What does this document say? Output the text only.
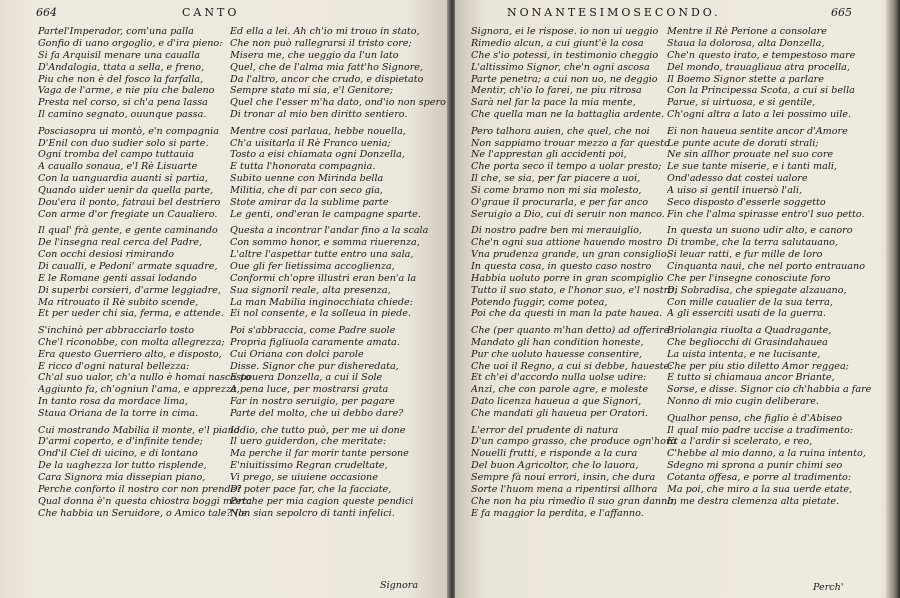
664	CANTO
Partel'Imperador, com'una palla
Gonfio di uano orgoglio, e d'ira pieno:
Si fa Arquisil menare una caualla
D'Andalogia, ttata a sella, e freno,
Piu che non è del fosco la farfalla,
Vaga de l'arme, e nie piu che baleno
Presta nel corso, si ch'a pena lassa
Il camino segnato, ouunque passa.
Posciasopra ui montò, e'n compagnia
D'Enil con duo sudier solo si parte.
Ogni tromba del campo tuttauia
A cauallo sonaua, e'l Rè Lisuarte
Con la uanguardia auanti si partia,
Quando uider uenir da quella parte,
Dou'era il ponto, fatraui bel destriero
Con arme d'or fregiate un Caualiero.
Il qual' frà gente, e gente caminando
De l'insegna real cerca del Padre,
Con occhi desiosi rimirando
Di caualli, e Pedoni' armate squadre,
E le Romane genti assai lodando
Di superbi corsieri, d'arme leggiadre,
Ma ritrouato il Rè subito scende,
Et per ueder chi sia, ferma, e attende.
S'inchinò per abbracciarlo tosto
Che'l riconobbe, con molta allegrezza;
Era questo Guerriero alto, e disposto,
E ricco d'ogni natural bellezza:
Ch'al suo ualor, ch'a nullo è homai nascosto
Aggiunto fa, ch'ogniun l'ama, e apprezza,
In tanto rosa da mordace lima,
Staua Oriana de la torre in cima.
Cui mostrando Mabilia il monte, e'l piano
D'armi coperto, e d'infinite tende;
Ond'il Ciel di uicino, e di lontano
De la uaghezza lor tutto risplende,
Cara Signora mia dissepian piano,
Perche conforto il nostro cor non prende?
Qual donna è'n questa chiostra boggi morta
Che habbia un Seruidore, o Amico tale? (le
Ed ella a lei. Ah ch'io mi trouo in stato,
Che non può rallegrarsi il tristo core;
Misera me, che ueggio da l'un lato
Quel, che de l'alma mia fatt'ho Signore,
Da l'altro, ancor che crudo, e dispietato
Sempre stato mi sia, e'l Genitore;
Quel che l'esser m'ha dato, ond'io non spero
Di tronar al mio ben diritto sentiero.
Mentre cosi parlaua, hebbe nouella,
Ch'a uisitarla il Rè Franco uenia;
Tosto a eisi chiamata ogni Donzella,
E tutta l'honorata compagnia.
Subito uenne con Mirinda bella
Militia, che di par con seco gia,
Stote amirar da la sublime parte
Le genti, ond'eran le campagne sparte.
Questa a incontrar l'andar fino a la scala
Con sommo honor, e somma riuerenza,
L'altre l'aspettar tutte entro una sala,
Oue gli fer lietissima accoglienza,
Conformi ch'opre illustri eran ben'a la
Sua signoril reale, alta presenza,
La man Mabilia inginocchiata chiede:
Ei nol consente, e la solleua in piede.
Poi s'abbraccia, come Padre suole
Propria figliuola caramente amata.
Cui Oriana con dolci parole
Disse. Signor che pur disheredata,
E pouera Donzella, a cui il Sole
A pena luce, per mostrarsi grata
Far in nostro seruigio, per pagare
Parte del molto, che ui debbo dare?
Iddio, che tutto può, per me ui done
Il uero guiderdon, che meritate:
Ma perche il far morir tante persone
E'niuitissimo Regran crudeltate,
Vi prego, se uiuiene occasione
Di poter pace far, che la facciate,
Perche per mia cagion queste pendici
Non sian sepolcro di tanti infelici.
Signora
NONANTESIMOSECONDO.	665
Signora, ei le rispose. io non ui ueggio
Rimedio alcun, a cui giunt'è la cosa
Che s'io potessi, in testimonio cheggio
L'altissimo Signor, che'n ogni ascosa
Parte penetra; a cui non uo, ne deggio
Mentir, ch'io lo farei, ne piu ritrosa
Sarà nel far la pace la mia mente,
Che quella man ne la battaglia ardente.
Pero talhora auien, che quel, che noi
Non sappiamo trouar mezzo a far questo
Ne l'apprestan gli accidenti poi,
Che porta seco il tempo a uolar presto;
Il che, se sia, per far piacere a uoi,
Si come bramo non mi sia molesto,
O'graue il procurarla, e per far anco
Seruigio a Dio, cui di seruir non manco.
Di nostro padre ben mi merauiglio,
Che'n ogni sua attione hauendo mostro
Vna prudenza grande, un gran consiglio,
In questa cosa, in questo caso nostro
Habbia uoluto porre in gran scompiglio
Tutto il suo stato, e l'honor suo, e'l nostro,
Potendo fuggir, come potea,
Poi che da questi in man la pate hauea.
Che (per quanto m'han detto) ad offerire
Mandato gli han condition honeste,
Pur che uoluto hauesse consentire,
Che uoi il Regno, a cui si debbe, haueste:
Et ch'ei d'accordo nulla uolse udire:
Anzi, che con parole agre, e moleste
Dato licenza haueua a que Signori,
Che mandati gli haueua per Oratori.
L'error del prudente di natura
D'un campo grasso, che produce ogn'hora
Nouelli frutti, e risponde a la cura
Del buon Agricoltor, che lo lauora,
Sempre fà noui errori, insin, che dura
Sorte l'huom mena a ripentirsi allhora
Che non ha piu rimedio il suo gran danno,
E fa maggior la perdita, e l'affanno.
Mentre il Rè Perione a consolare
Staua la dolorosa, alta Donzella,
Che'n questo irato, e tempestoso mare
Del mondo, trauagliaua atra procella,
Il Boemo Signor stette a parlare
Con la Principessa Scota, a cui si bella
Parue, si uirtuosa, e si gentile,
Ch'ogni altra a lato a lei possimo uile.
Ei non haueua sentite ancor d'Amore
Le punte acute de dorati strali;
Ne sin allhor prouate nel suo core
Le sue tante miserie, e i tanti mali,
Ond'adesso dat costei ualore
A uiso si gentil inuersò l'ali,
Seco disposto d'esserle soggetto
Fin che l'alma spirasse entro'l suo petto.
In questa un suono udir alto, e canoro
Di trombe, che la terra salutauano,
Si leuar ratti, e fur mille de loro
Cinquanta naui, che nel porto entrauano
Che per l'insegne conosciute foro
Di Sobradisa, che spiegate alzauano,
Con mille caualier de la sua terra,
A gli esserciti usati de la guerra.
Briolangia riuolta a Quadragante,
Che begliocchi di Grasindahauea
La uista intenta, e ne lucisante,
Che per piu stio diletto Amor reggea;
E tutto si chiamaua ancor Briante,
Sorse, e disse. Signor cio ch'habbia a fare
Nonno di mio cugin deliberare.
Qualhor penso, che figlio è d'Abiseo
Il qual mio padre uccise a tradimento:
Et a l'ardir sì scelerato, e reo,
C'hebbe al mio danno, a la ruina intento,
Sdegno mi sprona a punir chimi seo
Cotanta offesa, e porre al tradimento:
Ma poi, che miro a la sua uerde etate,
In me destra clemenza alta pietate.
Perch'
